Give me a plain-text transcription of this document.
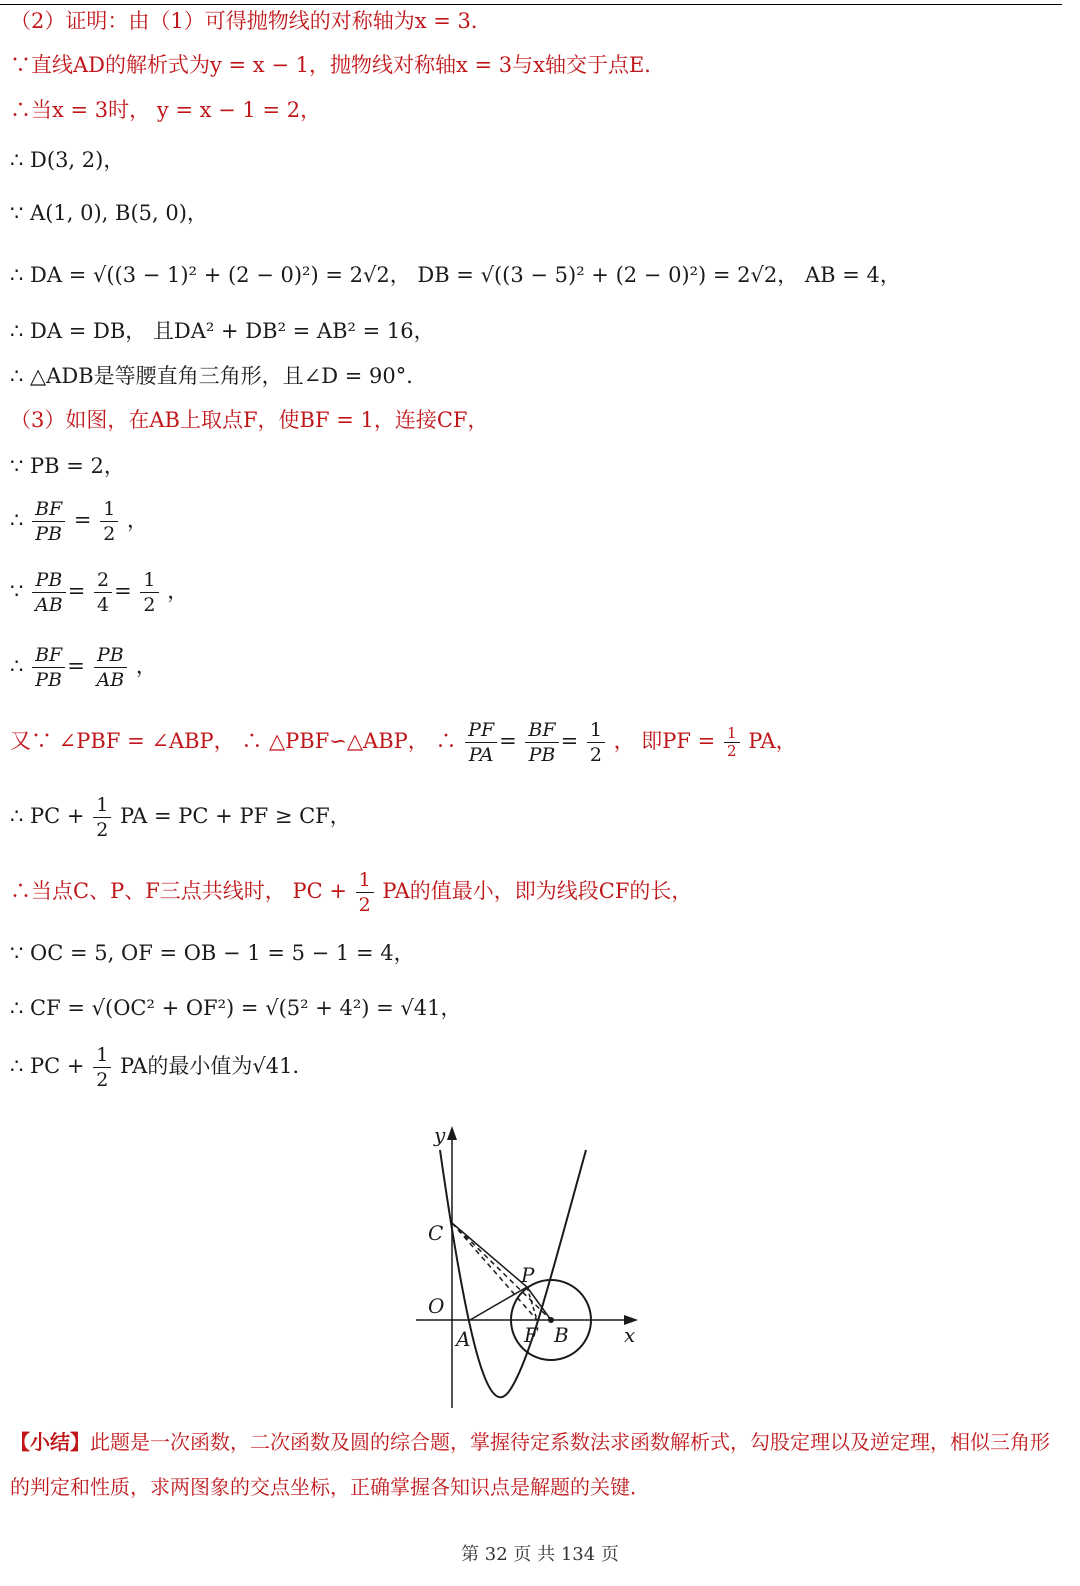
（2）证明：由（1）可得抛物线的对称轴为x = 3．
∵直线AD的解析式为y = x − 1，抛物线对称轴x = 3与x轴交于点E．
∴当x = 3时， y = x − 1 = 2，
∴ D(3, 2)，
∵ A(1, 0), B(5, 0)，
∴ DA = √((3 − 1)² + (2 − 0)²) = 2√2， DB = √((3 − 5)² + (2 − 0)²) = 2√2， AB = 4，
∴ DA = DB， 且DA² + DB² = AB² = 16，
∴ △ADB是等腰直角三角形，且∠D = 90°．
（3）如图，在AB上取点F，使BF = 1，连接CF，
∵ PB = 2，
∴ $\frac{BF}{PB} = \frac{1}{2}$ ，
∵ $\frac{PB}{AB} = \frac{2}{4} = \frac{1}{2}$ ，
∴ $\frac{BF}{PB} = \frac{PB}{AB}$ ，
又∵ ∠PBF = ∠ABP， ∴ △PBF∽△ABP， ∴ $\frac{PF}{PA} = \frac{BF}{PB} = \frac{1}{2}$ ， 即PF = $\frac{1}{2}$ PA，
∴ PC + $\frac{1}{2}$ PA = PC + PF ≥ CF，
∴当点C、P、F三点共线时， PC + $\frac{1}{2}$ PA的值最小，即为线段CF的长，
∵ OC = 5, OF = OB − 1 = 5 − 1 = 4，
∴ CF = √(OC² + OF²) = √(5² + 4²) = √41，
∴ PC + $\frac{1}{2}$ PA的最小值为√41．
y
x
C
O
P
A	F B
【小结】此题是一次函数，二次函数及圆的综合题，掌握待定系数法求函数解析式，勾股定理以及逆定理，相似三角形的判定和性质，求两图象的交点坐标，正确掌握各知识点是解题的关键．
第 32 页 共 134 页
